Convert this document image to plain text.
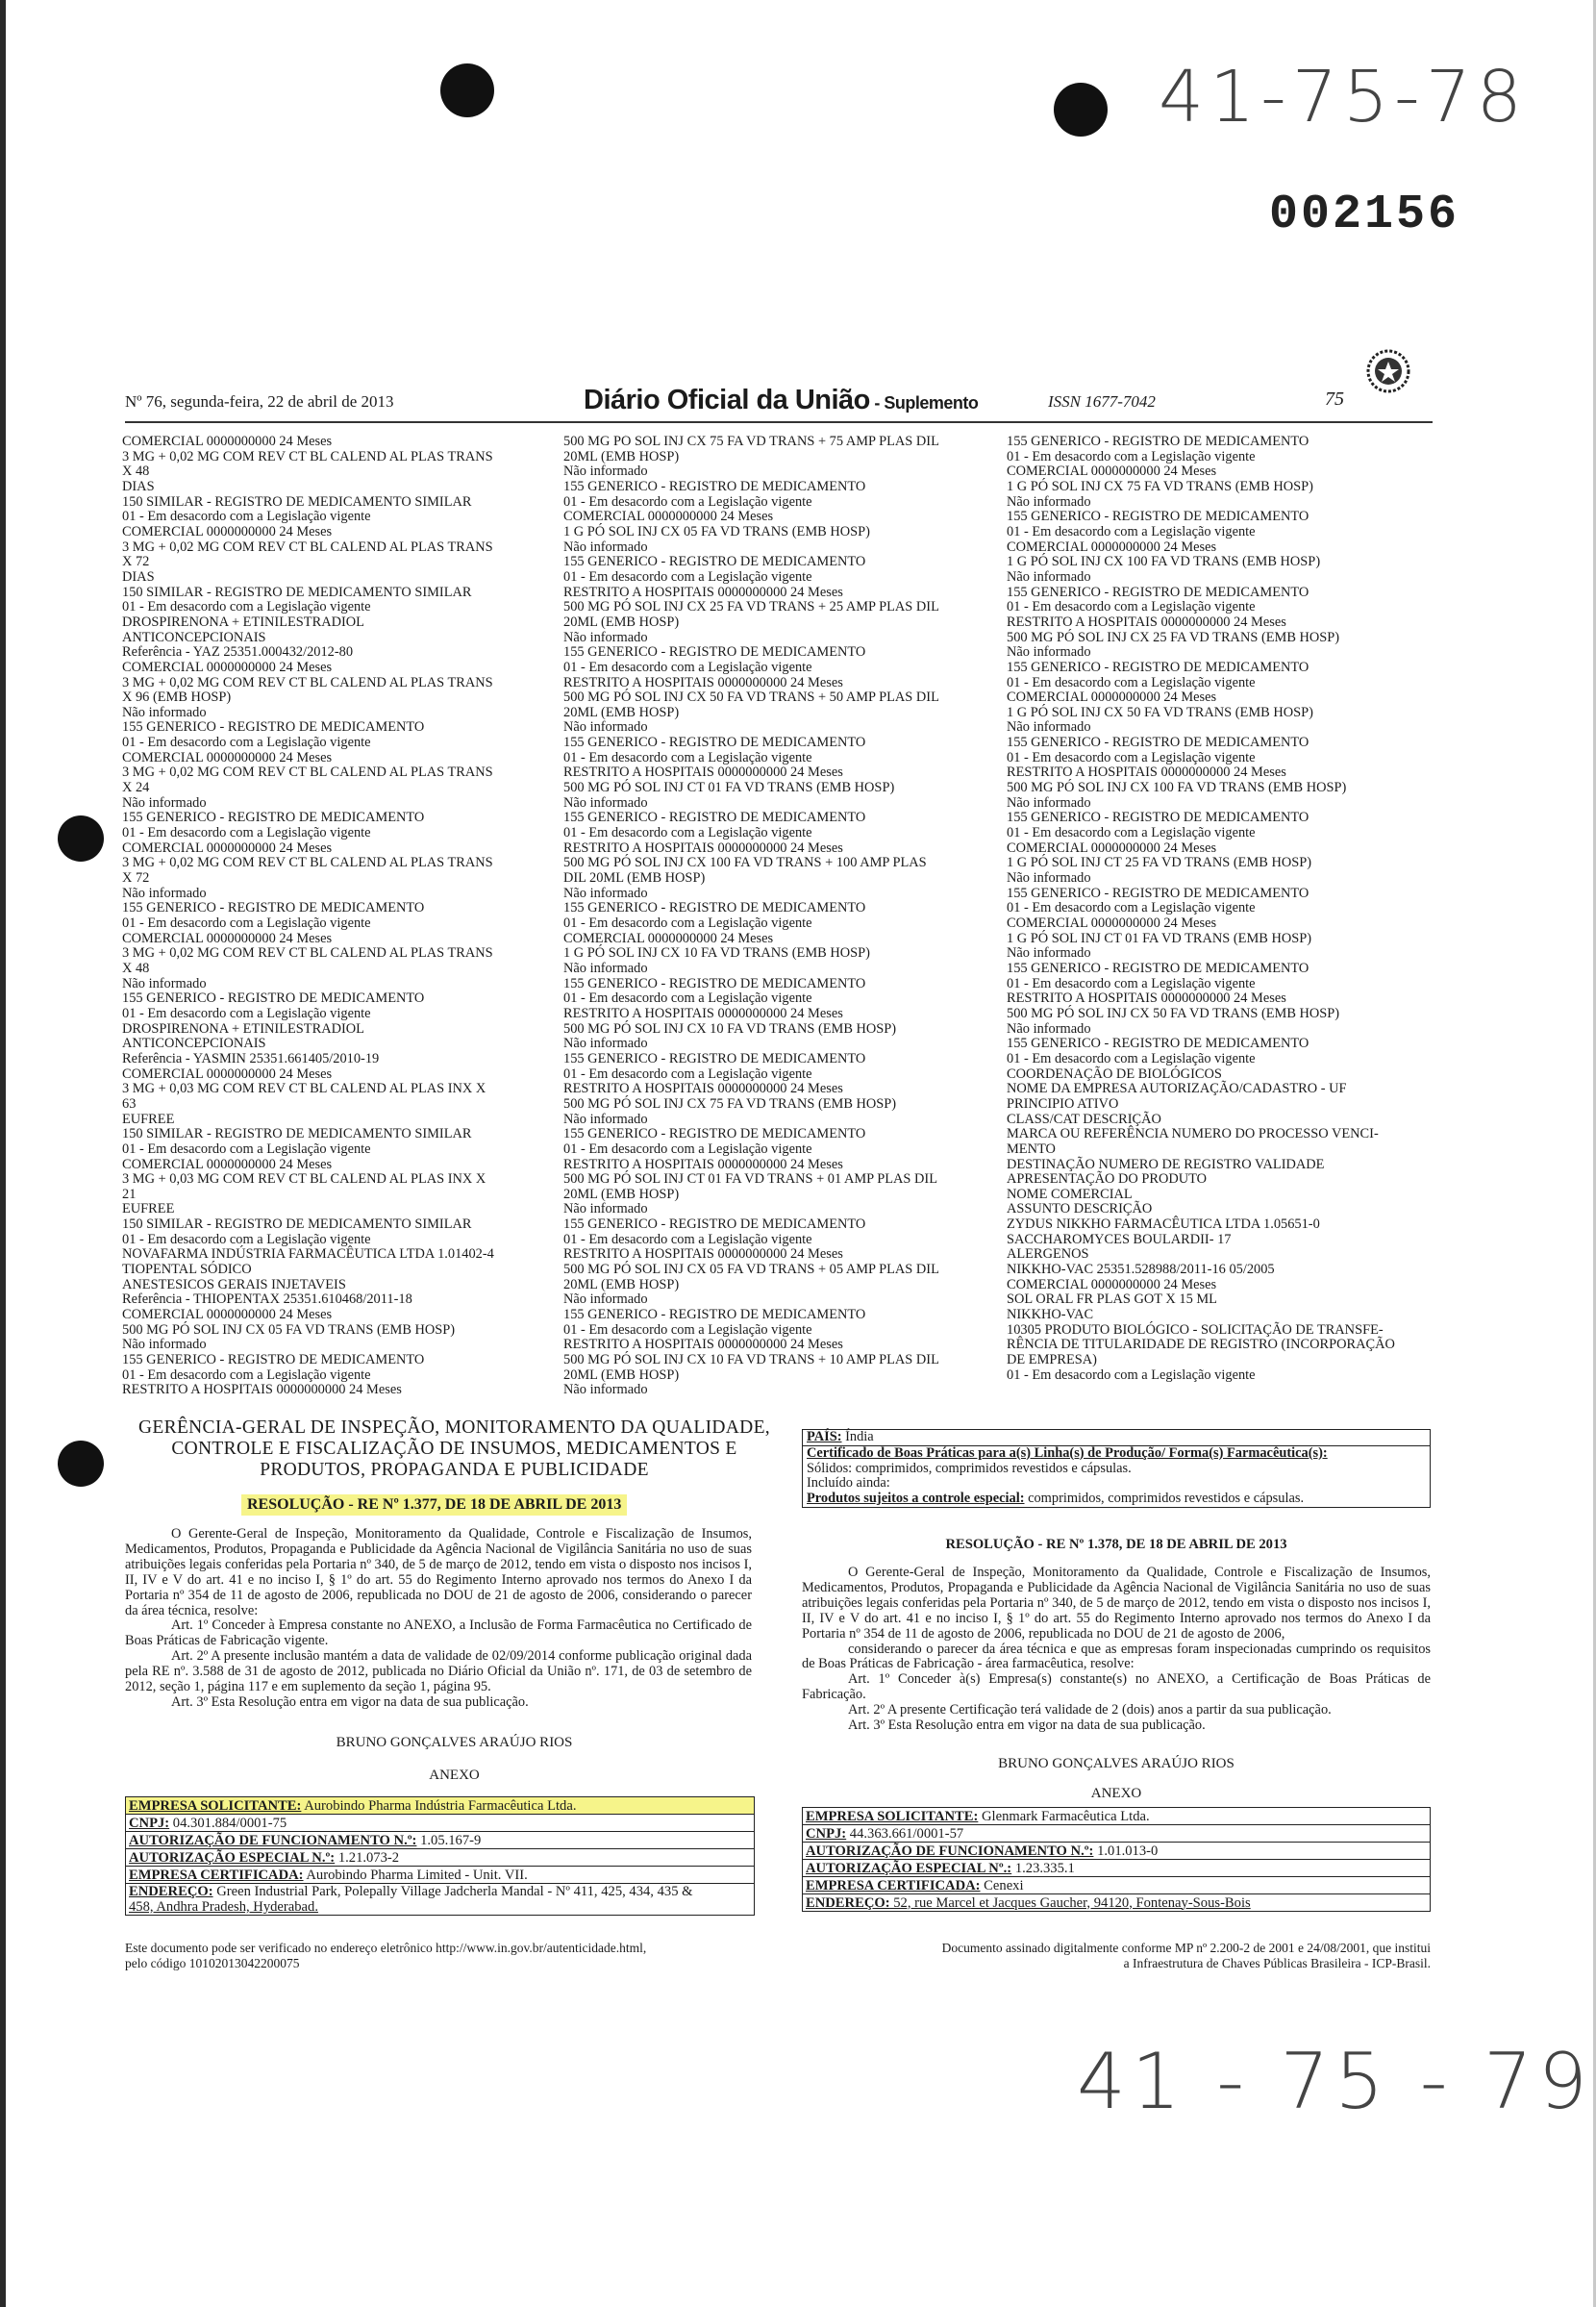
41-75-78
41 - 75 - 79
002156
Nº 76, segunda-feira, 22 de abril de 2013	Diário Oficial da União - Suplemento	ISSN 1677-7042	75
COMERCIAL 0000000000 24 Meses
3 MG + 0,02 MG COM REV CT BL CALEND AL PLAS TRANS
X 48
DIAS
150 SIMILAR - REGISTRO DE MEDICAMENTO SIMILAR
01 - Em desacordo com a Legislação vigente
COMERCIAL 0000000000 24 Meses
3 MG + 0,02 MG COM REV CT BL CALEND AL PLAS TRANS
X 72
DIAS
150 SIMILAR - REGISTRO DE MEDICAMENTO SIMILAR
01 - Em desacordo com a Legislação vigente
DROSPIRENONA + ETINILESTRADIOL
ANTICONCEPCIONAIS
Referência - YAZ 25351.000432/2012-80
COMERCIAL 0000000000 24 Meses
3 MG + 0,02 MG COM REV CT BL CALEND AL PLAS TRANS
X 96 (EMB HOSP)
Não informado
155 GENERICO - REGISTRO DE MEDICAMENTO
01 - Em desacordo com a Legislação vigente
COMERCIAL 0000000000 24 Meses
3 MG + 0,02 MG COM REV CT BL CALEND AL PLAS TRANS
X 24
Não informado
155 GENERICO - REGISTRO DE MEDICAMENTO
01 - Em desacordo com a Legislação vigente
COMERCIAL 0000000000 24 Meses
3 MG + 0,02 MG COM REV CT BL CALEND AL PLAS TRANS
X 72
Não informado
155 GENERICO - REGISTRO DE MEDICAMENTO
01 - Em desacordo com a Legislação vigente
COMERCIAL 0000000000 24 Meses
3 MG + 0,02 MG COM REV CT BL CALEND AL PLAS TRANS
X 48
Não informado
155 GENERICO - REGISTRO DE MEDICAMENTO
01 - Em desacordo com a Legislação vigente
DROSPIRENONA + ETINILESTRADIOL
ANTICONCEPCIONAIS
Referência - YASMIN 25351.661405/2010-19
COMERCIAL 0000000000 24 Meses
3 MG + 0,03 MG COM REV CT BL CALEND AL PLAS INX X
63
EUFREE
150 SIMILAR - REGISTRO DE MEDICAMENTO SIMILAR
01 - Em desacordo com a Legislação vigente
COMERCIAL 0000000000 24 Meses
3 MG + 0,03 MG COM REV CT BL CALEND AL PLAS INX X
21
EUFREE
150 SIMILAR - REGISTRO DE MEDICAMENTO SIMILAR
01 - Em desacordo com a Legislação vigente
NOVAFARMA INDÚSTRIA FARMACÊUTICA LTDA 1.01402-4
TIOPENTAL SÓDICO
ANESTESICOS GERAIS INJETAVEIS
Referência - THIOPENTAX 25351.610468/2011-18
COMERCIAL 0000000000 24 Meses
500 MG PÓ SOL INJ CX 05 FA VD TRANS (EMB HOSP)
Não informado
155 GENERICO - REGISTRO DE MEDICAMENTO
01 - Em desacordo com a Legislação vigente
RESTRITO A HOSPITAIS 0000000000 24 Meses
500 MG PÓ SOL INJ CX 75 FA VD TRANS + 75 AMP PLAS DIL
20ML (EMB HOSP)
Não informado
155 GENERICO - REGISTRO DE MEDICAMENTO
01 - Em desacordo com a Legislação vigente
COMERCIAL 0000000000 24 Meses
1 G PÓ SOL INJ CX 05 FA VD TRANS (EMB HOSP)
Não informado
155 GENERICO - REGISTRO DE MEDICAMENTO
01 - Em desacordo com a Legislação vigente
RESTRITO A HOSPITAIS 0000000000 24 Meses
500 MG PÓ SOL INJ CX 25 FA VD TRANS + 25 AMP PLAS DIL
20ML (EMB HOSP)
Não informado
155 GENERICO - REGISTRO DE MEDICAMENTO
01 - Em desacordo com a Legislação vigente
RESTRITO A HOSPITAIS 0000000000 24 Meses
500 MG PÓ SOL INJ CX 50 FA VD TRANS + 50 AMP PLAS DIL
20ML (EMB HOSP)
Não informado
155 GENERICO - REGISTRO DE MEDICAMENTO
01 - Em desacordo com a Legislação vigente
RESTRITO A HOSPITAIS 0000000000 24 Meses
500 MG PÓ SOL INJ CT 01 FA VD TRANS (EMB HOSP)
Não informado
155 GENERICO - REGISTRO DE MEDICAMENTO
01 - Em desacordo com a Legislação vigente
RESTRITO A HOSPITAIS 0000000000 24 Meses
500 MG PÓ SOL INJ CX 100 FA VD TRANS + 100 AMP PLAS
DIL 20ML (EMB HOSP)
Não informado
155 GENERICO - REGISTRO DE MEDICAMENTO
01 - Em desacordo com a Legislação vigente
COMERCIAL 0000000000 24 Meses
1 G PÓ SOL INJ CX 10 FA VD TRANS (EMB HOSP)
Não informado
155 GENERICO - REGISTRO DE MEDICAMENTO
01 - Em desacordo com a Legislação vigente
RESTRITO A HOSPITAIS 0000000000 24 Meses
500 MG PÓ SOL INJ CX 10 FA VD TRANS (EMB HOSP)
Não informado
155 GENERICO - REGISTRO DE MEDICAMENTO
01 - Em desacordo com a Legislação vigente
RESTRITO A HOSPITAIS 0000000000 24 Meses
500 MG PÓ SOL INJ CX 75 FA VD TRANS (EMB HOSP)
Não informado
155 GENERICO - REGISTRO DE MEDICAMENTO
01 - Em desacordo com a Legislação vigente
RESTRITO A HOSPITAIS 0000000000 24 Meses
500 MG PÓ SOL INJ CT 01 FA VD TRANS + 01 AMP PLAS DIL
20ML (EMB HOSP)
Não informado
155 GENERICO - REGISTRO DE MEDICAMENTO
01 - Em desacordo com a Legislação vigente
RESTRITO A HOSPITAIS 0000000000 24 Meses
500 MG PÓ SOL INJ CX 05 FA VD TRANS + 05 AMP PLAS DIL
20ML (EMB HOSP)
Não informado
155 GENERICO - REGISTRO DE MEDICAMENTO
01 - Em desacordo com a Legislação vigente
RESTRITO A HOSPITAIS 0000000000 24 Meses
500 MG PÓ SOL INJ CX 10 FA VD TRANS + 10 AMP PLAS DIL
20ML (EMB HOSP)
Não informado
155 GENERICO - REGISTRO DE MEDICAMENTO
01 - Em desacordo com a Legislação vigente
COMERCIAL 0000000000 24 Meses
1 G PÓ SOL INJ CX 75 FA VD TRANS (EMB HOSP)
Não informado
155 GENERICO - REGISTRO DE MEDICAMENTO
01 - Em desacordo com a Legislação vigente
COMERCIAL 0000000000 24 Meses
1 G PÓ SOL INJ CX 100 FA VD TRANS (EMB HOSP)
Não informado
155 GENERICO - REGISTRO DE MEDICAMENTO
01 - Em desacordo com a Legislação vigente
RESTRITO A HOSPITAIS 0000000000 24 Meses
500 MG PÓ SOL INJ CX 25 FA VD TRANS (EMB HOSP)
Não informado
155 GENERICO - REGISTRO DE MEDICAMENTO
01 - Em desacordo com a Legislação vigente
COMERCIAL 0000000000 24 Meses
1 G PÓ SOL INJ CX 50 FA VD TRANS (EMB HOSP)
Não informado
155 GENERICO - REGISTRO DE MEDICAMENTO
01 - Em desacordo com a Legislação vigente
RESTRITO A HOSPITAIS 0000000000 24 Meses
500 MG PÓ SOL INJ CX 100 FA VD TRANS (EMB HOSP)
Não informado
155 GENERICO - REGISTRO DE MEDICAMENTO
01 - Em desacordo com a Legislação vigente
COMERCIAL 0000000000 24 Meses
1 G PÓ SOL INJ CT 25 FA VD TRANS (EMB HOSP)
Não informado
155 GENERICO - REGISTRO DE MEDICAMENTO
01 - Em desacordo com a Legislação vigente
COMERCIAL 0000000000 24 Meses
1 G PÓ SOL INJ CT 01 FA VD TRANS (EMB HOSP)
Não informado
155 GENERICO - REGISTRO DE MEDICAMENTO
01 - Em desacordo com a Legislação vigente
RESTRITO A HOSPITAIS 0000000000 24 Meses
500 MG PÓ SOL INJ CX 50 FA VD TRANS (EMB HOSP)
Não informado
155 GENERICO - REGISTRO DE MEDICAMENTO
01 - Em desacordo com a Legislação vigente
COORDENAÇÃO DE BIOLÓGICOS
NOME DA EMPRESA AUTORIZAÇÃO/CADASTRO - UF
PRINCIPIO ATIVO
CLASS/CAT DESCRIÇÃO
MARCA OU REFERÊNCIA NUMERO DO PROCESSO VENCI-
MENTO
DESTINAÇÃO NUMERO DE REGISTRO VALIDADE
APRESENTAÇÃO DO PRODUTO
NOME COMERCIAL
ASSUNTO DESCRIÇÃO
ZYDUS NIKKHO FARMACÊUTICA LTDA 1.05651-0
SACCHAROMYCES BOULARDII- 17
ALERGENOS
NIKKHO-VAC 25351.528988/2011-16 05/2005
COMERCIAL 0000000000 24 Meses
SOL ORAL FR PLAS GOT X 15 ML
NIKKHO-VAC
10305 PRODUTO BIOLÓGICO - SOLICITAÇÃO DE TRANSFE-
RÊNCIA DE TITULARIDADE DE REGISTRO (INCORPORAÇÃO
DE EMPRESA)
01 - Em desacordo com a Legislação vigente
GERÊNCIA-GERAL DE INSPEÇÃO, MONITORAMENTO DA QUALIDADE, CONTROLE E FISCALIZAÇÃO DE INSUMOS, MEDICAMENTOS E PRODUTOS, PROPAGANDA E PUBLICIDADE
RESOLUÇÃO - RE Nº 1.377, DE 18 DE ABRIL DE 2013

O Gerente-Geral de Inspeção, Monitoramento da Qualidade, Controle e Fiscalização de Insumos, Medicamentos, Produtos, Propaganda e Publicidade da Agência Nacional de Vigilância Sanitária no uso de suas atribuições legais conferidas pela Portaria nº 340, de 5 de março de 2012, tendo em vista o disposto nos incisos I, II, IV e V do art. 41 e no inciso I, § 1º do art. 55 do Regimento Interno aprovado nos termos do Anexo I da Portaria nº 354 de 11 de agosto de 2006, republicada no DOU de 21 de agosto de 2006, considerando o parecer da área técnica, resolve:

Art. 1º Conceder à Empresa constante no ANEXO, a Inclusão de Forma Farmacêutica no Certificado de Boas Práticas de Fabricação vigente.

Art. 2º A presente inclusão mantém a data de validade de 02/09/2014 conforme publicação original dada pela RE nº. 3.588 de 31 de agosto de 2012, publicada no Diário Oficial da União nº. 171, de 03 de setembro de 2012, seção 1, página 117 e em suplemento da seção 1, página 95.

Art. 3º Esta Resolução entra em vigor na data de sua publicação.

BRUNO GONÇALVES ARAÚJO RIOS
ANEXO
EMPRESA SOLICITANTE: Aurobindo Pharma Indústria Farmacêutica Ltda.
CNPJ: 04.301.884/0001-75
AUTORIZAÇÃO DE FUNCIONAMENTO N.º: 1.05.167-9
AUTORIZAÇÃO ESPECIAL N.º: 1.21.073-2
EMPRESA CERTIFICADA: Aurobindo Pharma Limited - Unit. VII.
ENDEREÇO: Green Industrial Park, Polepally Village Jadcherla Mandal - Nº 411, 425, 434, 435 &
458, Andhra Pradesh, Hyderabad.
PAÍS: Índia
Certificado de Boas Práticas para a(s) Linha(s) de Produção/ Forma(s) Farmacêutica(s):
Sólidos: comprimidos, comprimidos revestidos e cápsulas.
Incluído ainda:
Produtos sujeitos a controle especial: comprimidos, comprimidos revestidos e cápsulas.
RESOLUÇÃO - RE Nº 1.378, DE 18 DE ABRIL DE 2013

O Gerente-Geral de Inspeção, Monitoramento da Qualidade, Controle e Fiscalização de Insumos, Medicamentos, Produtos, Propaganda e Publicidade da Agência Nacional de Vigilância Sanitária no uso de suas atribuições legais conferidas pela Portaria nº 340, de 5 de março de 2012, tendo em vista o disposto nos incisos I, II, IV e V do art. 41 e no inciso I, § 1º do art. 55 do Regimento Interno aprovado nos termos do Anexo I da Portaria nº 354 de 11 de agosto de 2006, republicada no DOU de 21 de agosto de 2006,

considerando o parecer da área técnica e que as empresas foram inspecionadas cumprindo os requisitos de Boas Práticas de Fabricação - área farmacêutica, resolve:

Art. 1º Conceder à(s) Empresa(s) constante(s) no ANEXO, a Certificação de Boas Práticas de Fabricação.

Art. 2º A presente Certificação terá validade de 2 (dois) anos a partir da sua publicação.

Art. 3º Esta Resolução entra em vigor na data de sua publicação.

BRUNO GONÇALVES ARAÚJO RIOS
ANEXO
EMPRESA SOLICITANTE: Glenmark Farmacêutica Ltda.
CNPJ: 44.363.661/0001-57
AUTORIZAÇÃO DE FUNCIONAMENTO N.º: 1.01.013-0
AUTORIZAÇÃO ESPECIAL Nº.: 1.23.335.1
EMPRESA CERTIFICADA: Cenexi
ENDEREÇO: 52, rue Marcel et Jacques Gaucher, 94120, Fontenay-Sous-Bois
Este documento pode ser verificado no endereço eletrônico http://www.in.gov.br/autenticidade.html,
pelo código 10102013042200075
Documento assinado digitalmente conforme MP nº 2.200-2 de 2001 e 24/08/2001, que institui
a Infraestrutura de Chaves Públicas Brasileira - ICP-Brasil.
